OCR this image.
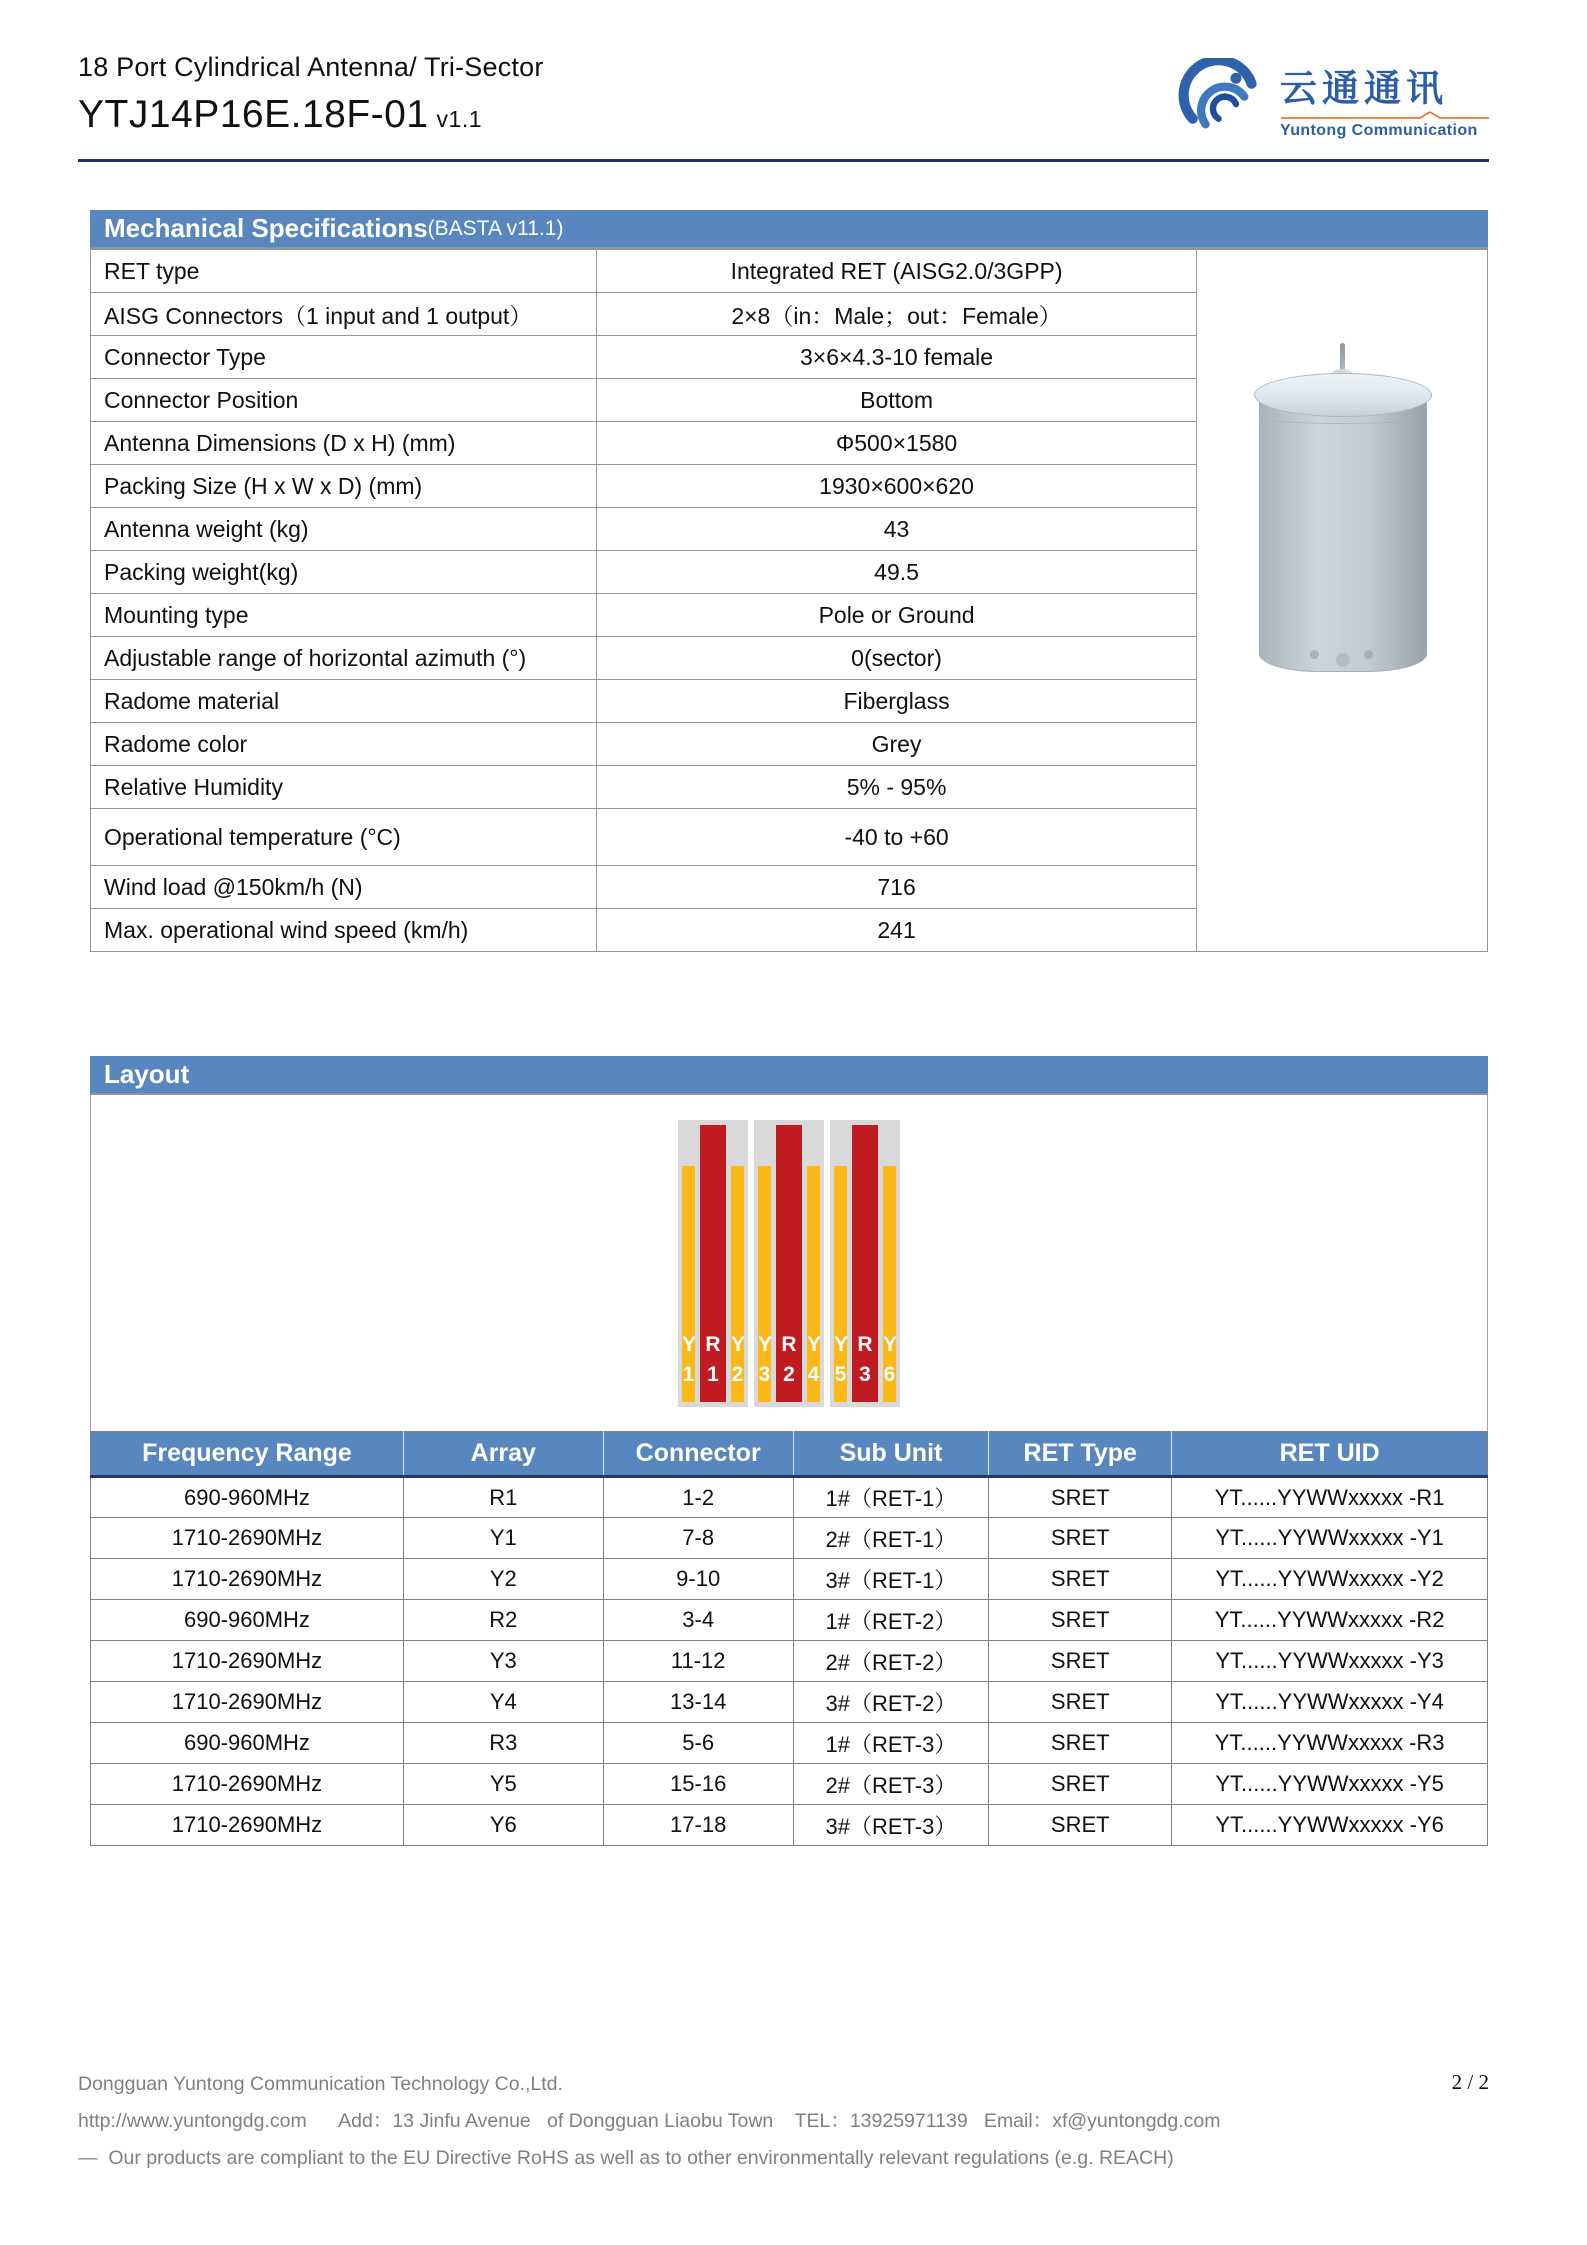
18 Port Cylindrical Antenna/ Tri-Sector
YTJ14P16E.18F-01 v1.1
云通通讯
Yuntong Communication
Mechanical Specifications (BASTA v11.1)
RET type	Integrated RET (AISG2.0/3GPP)	

AISG Connectors（1 input and 1 output）	2×8（in：Male；out：Female）	
Connector Type	3×6×4.3-10 female	
Connector Position	Bottom	
Antenna Dimensions (D x H) (mm)	Φ500×1580	
Packing Size (H x W x D) (mm)	1930×600×620	
Antenna weight (kg)	43	
Packing weight(kg)	49.5	
Mounting type	Pole or Ground	
Adjustable range of horizontal azimuth (°)	0(sector)	
Radome material	Fiberglass	
Radome color	Grey	
Relative Humidity	5% - 95%	
Operational temperature (°C)	-40 to +60	
Wind load @150km/h (N)	716	
Max. operational wind speed (km/h)	241	
Layout
Y
1
R
1
Y
2
Y
3
R
2
Y
4
Y
5
R
3
Y
6
Frequency Range	Array	Connector	Sub Unit	RET Type	RET UID
690-960MHz	R1	1-2	1#（RET-1）	SRET	YT......YYWWxxxxx -R1
1710-2690MHz	Y1	7-8	2#（RET-1）	SRET	YT......YYWWxxxxx -Y1
1710-2690MHz	Y2	9-10	3#（RET-1）	SRET	YT......YYWWxxxxx -Y2
690-960MHz	R2	3-4	1#（RET-2）	SRET	YT......YYWWxxxxx -R2
1710-2690MHz	Y3	11-12	2#（RET-2）	SRET	YT......YYWWxxxxx -Y3
1710-2690MHz	Y4	13-14	3#（RET-2）	SRET	YT......YYWWxxxxx -Y4
690-960MHz	R3	5-6	1#（RET-3）	SRET	YT......YYWWxxxxx -R3
1710-2690MHz	Y5	15-16	2#（RET-3）	SRET	YT......YYWWxxxxx -Y5
1710-2690MHz	Y6	17-18	3#（RET-3）	SRET	YT......YYWWxxxxx -Y6
2 / 2
Dongguan Yuntong Communication Technology Co.,Ltd.
http://www.yuntongdg.com      Add：13 Jinfu Avenue   of Dongguan Liaobu Town    TEL：13925971139   Email：xf@yuntongdg.com
—  Our products are compliant to the EU Directive RoHS as well as to other environmentally relevant regulations (e.g. REACH)
